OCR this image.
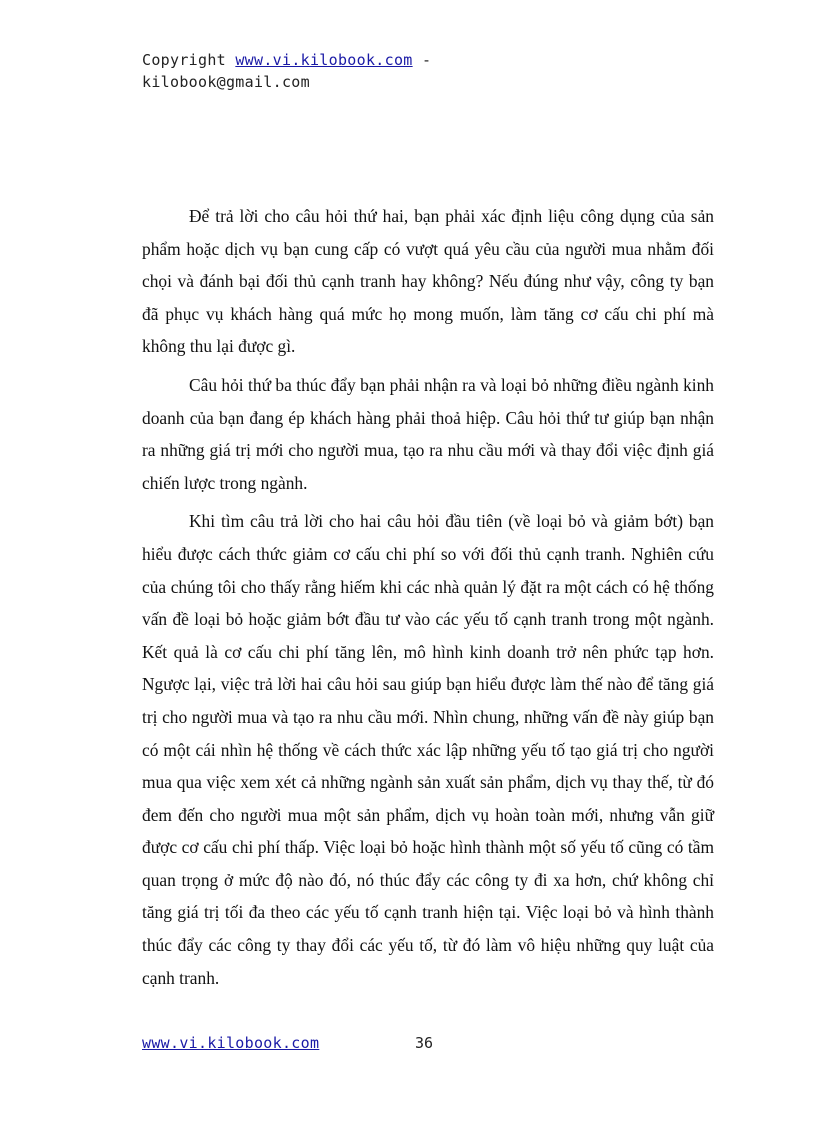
Copyright www.vi.kilobook.com -
kilobook@gmail.com

Để trả lời cho câu hỏi thứ hai, bạn phải xác định liệu công dụng của sản phẩm hoặc dịch vụ bạn cung cấp có vượt quá yêu cầu của người mua nhằm đối chọi và đánh bại đối thủ cạnh tranh hay không? Nếu đúng như vậy, công ty bạn đã phục vụ khách hàng quá mức họ mong muốn, làm tăng cơ cấu chi phí mà không thu lại được gì.

Câu hỏi thứ ba thúc đẩy bạn phải nhận ra và loại bỏ những điều ngành kinh doanh của bạn đang ép khách hàng phải thoả hiệp. Câu hỏi thứ tư giúp bạn nhận ra những giá trị mới cho người mua, tạo ra nhu cầu mới và thay đổi việc định giá chiến lược trong ngành.

Khi tìm câu trả lời cho hai câu hỏi đầu tiên (về loại bỏ và giảm bớt) bạn hiểu được cách thức giảm cơ cấu chi phí so với đối thủ cạnh tranh. Nghiên cứu của chúng tôi cho thấy rằng hiếm khi các nhà quản lý đặt ra một cách có hệ thống vấn đề loại bỏ hoặc giảm bớt đầu tư vào các yếu tố cạnh tranh trong một ngành. Kết quả là cơ cấu chi phí tăng lên, mô hình kinh doanh trở nên phức tạp hơn. Ngược lại, việc trả lời hai câu hỏi sau giúp bạn hiểu được làm thế nào để tăng giá trị cho người mua và tạo ra nhu cầu mới. Nhìn chung, những vấn đề này giúp bạn có một cái nhìn hệ thống về cách thức xác lập những yếu tố tạo giá trị cho người mua qua việc xem xét cả những ngành sản xuất sản phẩm, dịch vụ thay thế, từ đó đem đến cho người mua một sản phẩm, dịch vụ hoàn toàn mới, nhưng vẫn giữ được cơ cấu chi phí thấp. Việc loại bỏ hoặc hình thành một số yếu tố cũng có tầm quan trọng ở mức độ nào đó, nó thúc đẩy các công ty đi xa hơn, chứ không chỉ tăng giá trị tối đa theo các yếu tố cạnh tranh hiện tại. Việc loại bỏ và hình thành thúc đẩy các công ty thay đổi các yếu tố, từ đó làm vô hiệu những quy luật của cạnh tranh.

www.vi.kilobook.com	36
